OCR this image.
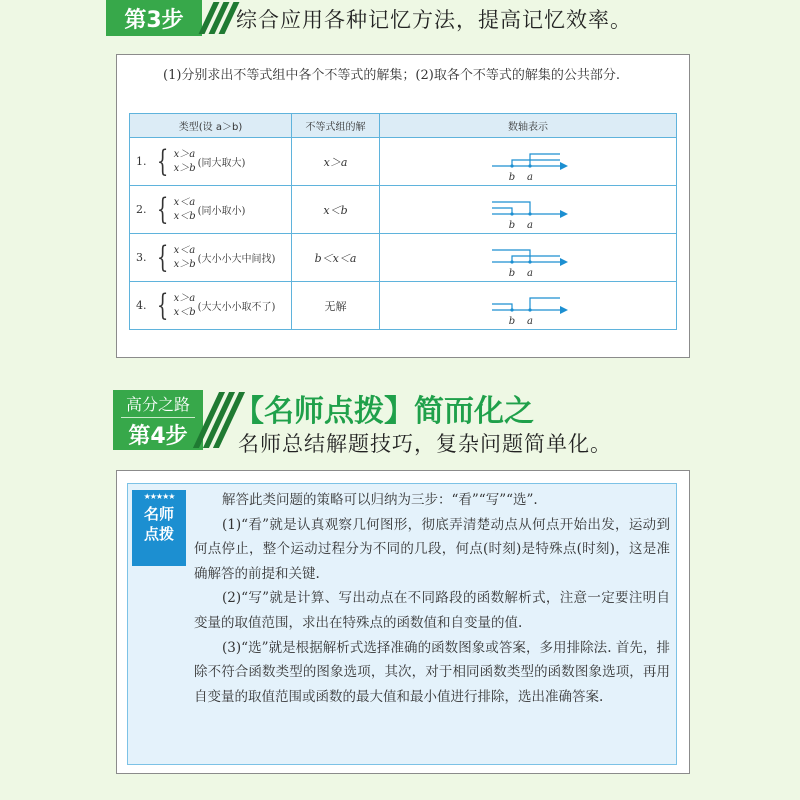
第3步	综合应用各种记忆方法，提高记忆效率。
(1)分别求出不等式组中各个不等式的解集；(2)取各个不等式的解集的公共部分.
类型(设 a＞b)	不等式组的解	数轴表示

1. { x＞a
x＞b (同大取大)	x＞a	b a

2. { x＜a
x＜b (同小取小)	x＜b	b a

3. { x＜a
x＞b (大小小大中间找)	b＜x＜a	b a

4. { x＞a
x＜b (大大小小取不了)	无解	b a
高分之路
第4步
【名师点拨】简而化之
名师总结解题技巧，复杂问题简单化。
★★★★★
名师
点拨

解答此类问题的策略可以归纳为三步：“看”“写”“选”.

(1)“看”就是认真观察几何图形，彻底弄清楚动点从何点开始出发，运动到何点停止，整个运动过程分为不同的几段，何点(时刻)是特殊点(时刻)，这是准确解答的前提和关键.

(2)“写”就是计算、写出动点在不同路段的函数解析式，注意一定要注明自变量的取值范围，求出在特殊点的函数值和自变量的值.

(3)“选”就是根据解析式选择准确的函数图象或答案，多用排除法. 首先，排除不符合函数类型的图象选项，其次，对于相同函数类型的函数图象选项，再用自变量的取值范围或函数的最大值和最小值进行排除，选出准确答案.
